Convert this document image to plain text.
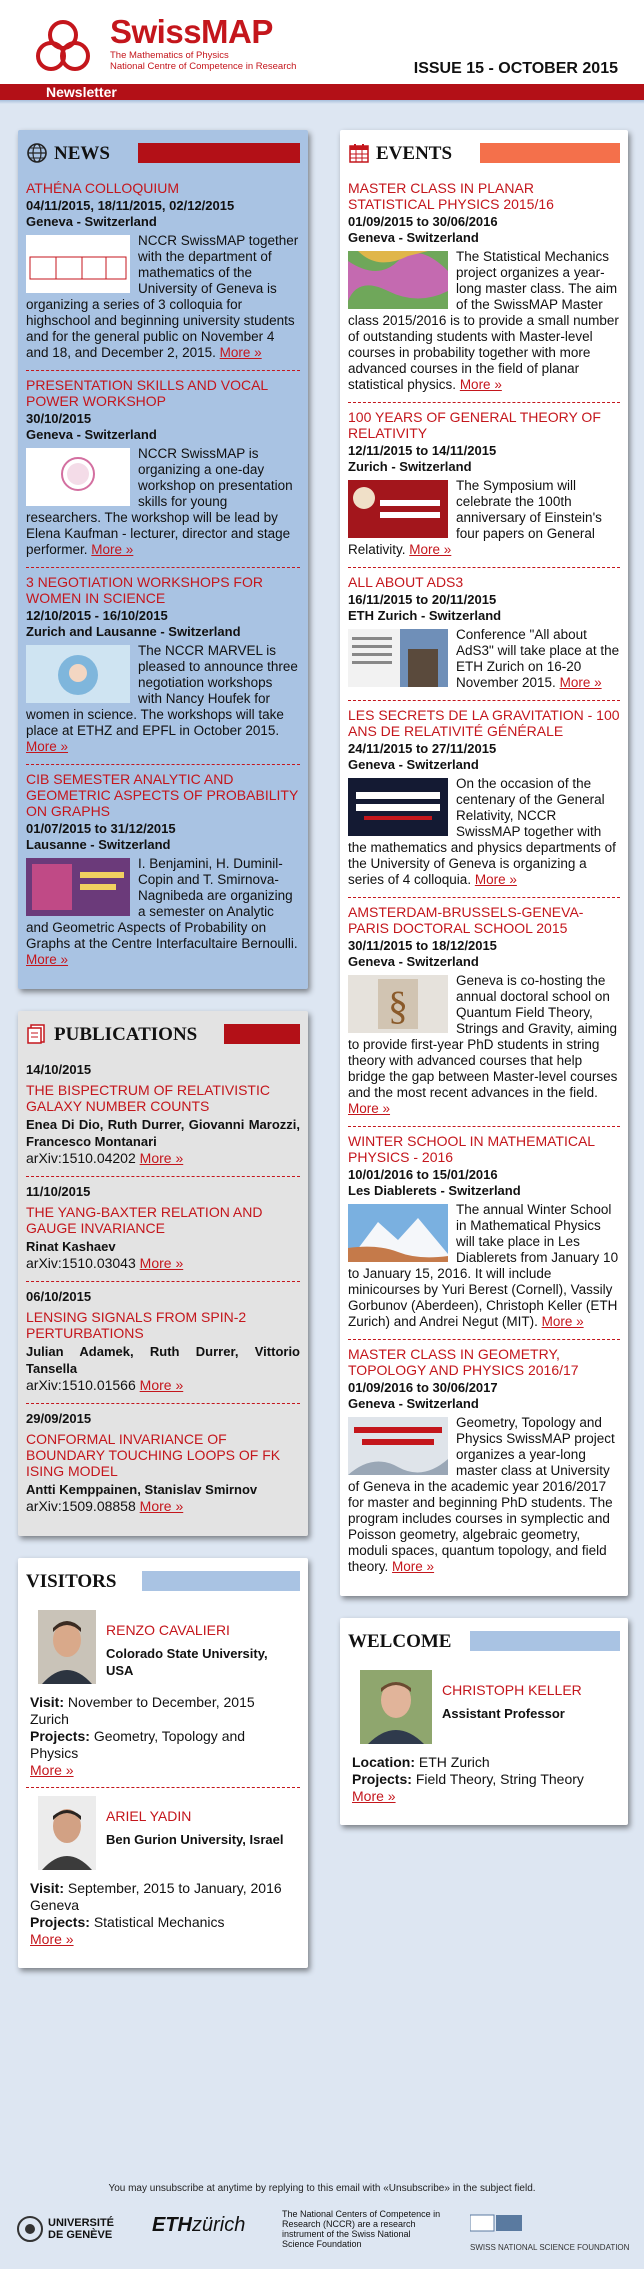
SwissMAP
The Mathematics of Physics
National Centre of Competence in Research	ISSUE 15 - OCTOBER 2015
Newsletter
NEWS
ATHÉNA COLLOQUIUM
04/11/2015, 18/11/2015, 02/12/2015
Geneva - Switzerland
NCCR SwissMAP together with the department of mathematics of the University of Geneva is organizing a series of 3 colloquia for highschool and beginning university students and for the general public on November 4 and 18, and December 2, 2015. More »
PRESENTATION SKILLS AND VOCAL POWER WORKSHOP
30/10/2015
Geneva - Switzerland
NCCR SwissMAP is organizing a one-day workshop on presentation skills for young researchers. The workshop will be lead by Elena Kaufman - lecturer, director and stage performer. More »
3 NEGOTIATION WORKSHOPS FOR WOMEN IN SCIENCE
12/10/2015 - 16/10/2015
Zurich and Lausanne - Switzerland
The NCCR MARVEL is pleased to announce three negotiation workshops with Nancy Houfek for women in science. The workshops will take place at ETHZ and EPFL in October 2015. More »
CIB SEMESTER ANALYTIC AND GEOMETRIC ASPECTS OF PROBABILITY ON GRAPHS
01/07/2015 to 31/12/2015
Lausanne - Switzerland
I. Benjamini, H. Duminil-Copin and T. Smirnova-Nagnibeda are organizing a semester on Analytic and Geometric Aspects of Probability on Graphs at the Centre Interfacultaire Bernoulli. More »
PUBLICATIONS
14/10/2015
THE BISPECTRUM OF RELATIVISTIC GALAXY NUMBER COUNTS
Enea Di Dio, Ruth Durrer, Giovanni Marozzi, Francesco Montanari
arXiv:1510.04202 More »
11/10/2015
THE YANG-BAXTER RELATION AND GAUGE INVARIANCE
Rinat Kashaev
arXiv:1510.03043 More »
06/10/2015
LENSING SIGNALS FROM SPIN-2 PERTURBATIONS
Julian Adamek, Ruth Durrer, Vittorio Tansella
arXiv:1510.01566 More »
29/09/2015
CONFORMAL INVARIANCE OF BOUNDARY TOUCHING LOOPS OF FK ISING MODEL
Antti Kemppainen, Stanislav Smirnov
arXiv:1509.08858 More »
VISITORS
RENZO CAVALIERI
Colorado State University, USA
Visit: November to December, 2015
Zurich
Projects: Geometry, Topology and Physics
More »
ARIEL YADIN
Ben Gurion University, Israel
Visit: September, 2015 to January, 2016
Geneva
Projects: Statistical Mechanics
More »
EVENTS
MASTER CLASS IN PLANAR STATISTICAL PHYSICS 2015/16
01/09/2015 to 30/06/2016
Geneva - Switzerland
The Statistical Mechanics project organizes a year-long master class. The aim of the SwissMAP Master class 2015/2016 is to provide a small number of outstanding students with Master-level courses in probability together with more advanced courses in the field of planar statistical physics. More »
100 YEARS OF GENERAL THEORY OF RELATIVITY
12/11/2015 to 14/11/2015
Zurich - Switzerland
The Symposium will celebrate the 100th anniversary of Einstein's four papers on General Relativity. More »
ALL ABOUT ADS3
16/11/2015 to 20/11/2015
ETH Zurich - Switzerland
Conference "All about AdS3" will take place at the ETH Zurich on 16-20 November 2015. More »
LES SECRETS DE LA GRAVITATION - 100 ANS DE RELATIVITÉ GÉNÉRALE
24/11/2015 to 27/11/2015
Geneva - Switzerland
On the occasion of the centenary of the General Relativity, NCCR SwissMAP together with the mathematics and physics departments of the University of Geneva is organizing a series of 4 colloquia. More »
AMSTERDAM-BRUSSELS-GENEVA-PARIS DOCTORAL SCHOOL 2015
30/11/2015 to 18/12/2015
Geneva - Switzerland
§
Geneva is co-hosting the annual doctoral school on Quantum Field Theory, Strings and Gravity, aiming to provide first-year PhD students in string theory with advanced courses that help bridge the gap between Master-level courses and the most recent advances in the field. More »
WINTER SCHOOL IN MATHEMATICAL PHYSICS - 2016
10/01/2016 to 15/01/2016
Les Diablerets - Switzerland
The annual Winter School in Mathematical Physics will take place in Les Diablerets from January 10 to January 15, 2016. It will include minicourses by Yuri Berest (Cornell), Vassily Gorbunov (Aberdeen), Christoph Keller (ETH Zurich) and Andrei Negut (MIT). More »
MASTER CLASS IN GEOMETRY, TOPOLOGY AND PHYSICS 2016/17
01/09/2016 to 30/06/2017
Geneva - Switzerland
Geometry, Topology and Physics SwissMAP project organizes a year-long master class at University of Geneva in the academic year 2016/2017 for master and beginning PhD students. The program includes courses in symplectic and Poisson geometry, algebraic geometry, moduli spaces, quantum topology, and field theory. More »
WELCOME
CHRISTOPH KELLER
Assistant Professor
Location: ETH Zurich
Projects: Field Theory, String Theory
More »
You may unsubscribe at anytime by replying to this email with «Unsubscribe» in the subject field.
UNIVERSITÉ
DE GENÈVE ETHzürich	The National Centers of Competence in Research (NCCR) are a research instrument of the Swiss National Science Foundation	SWISS NATIONAL SCIENCE FOUNDATION
